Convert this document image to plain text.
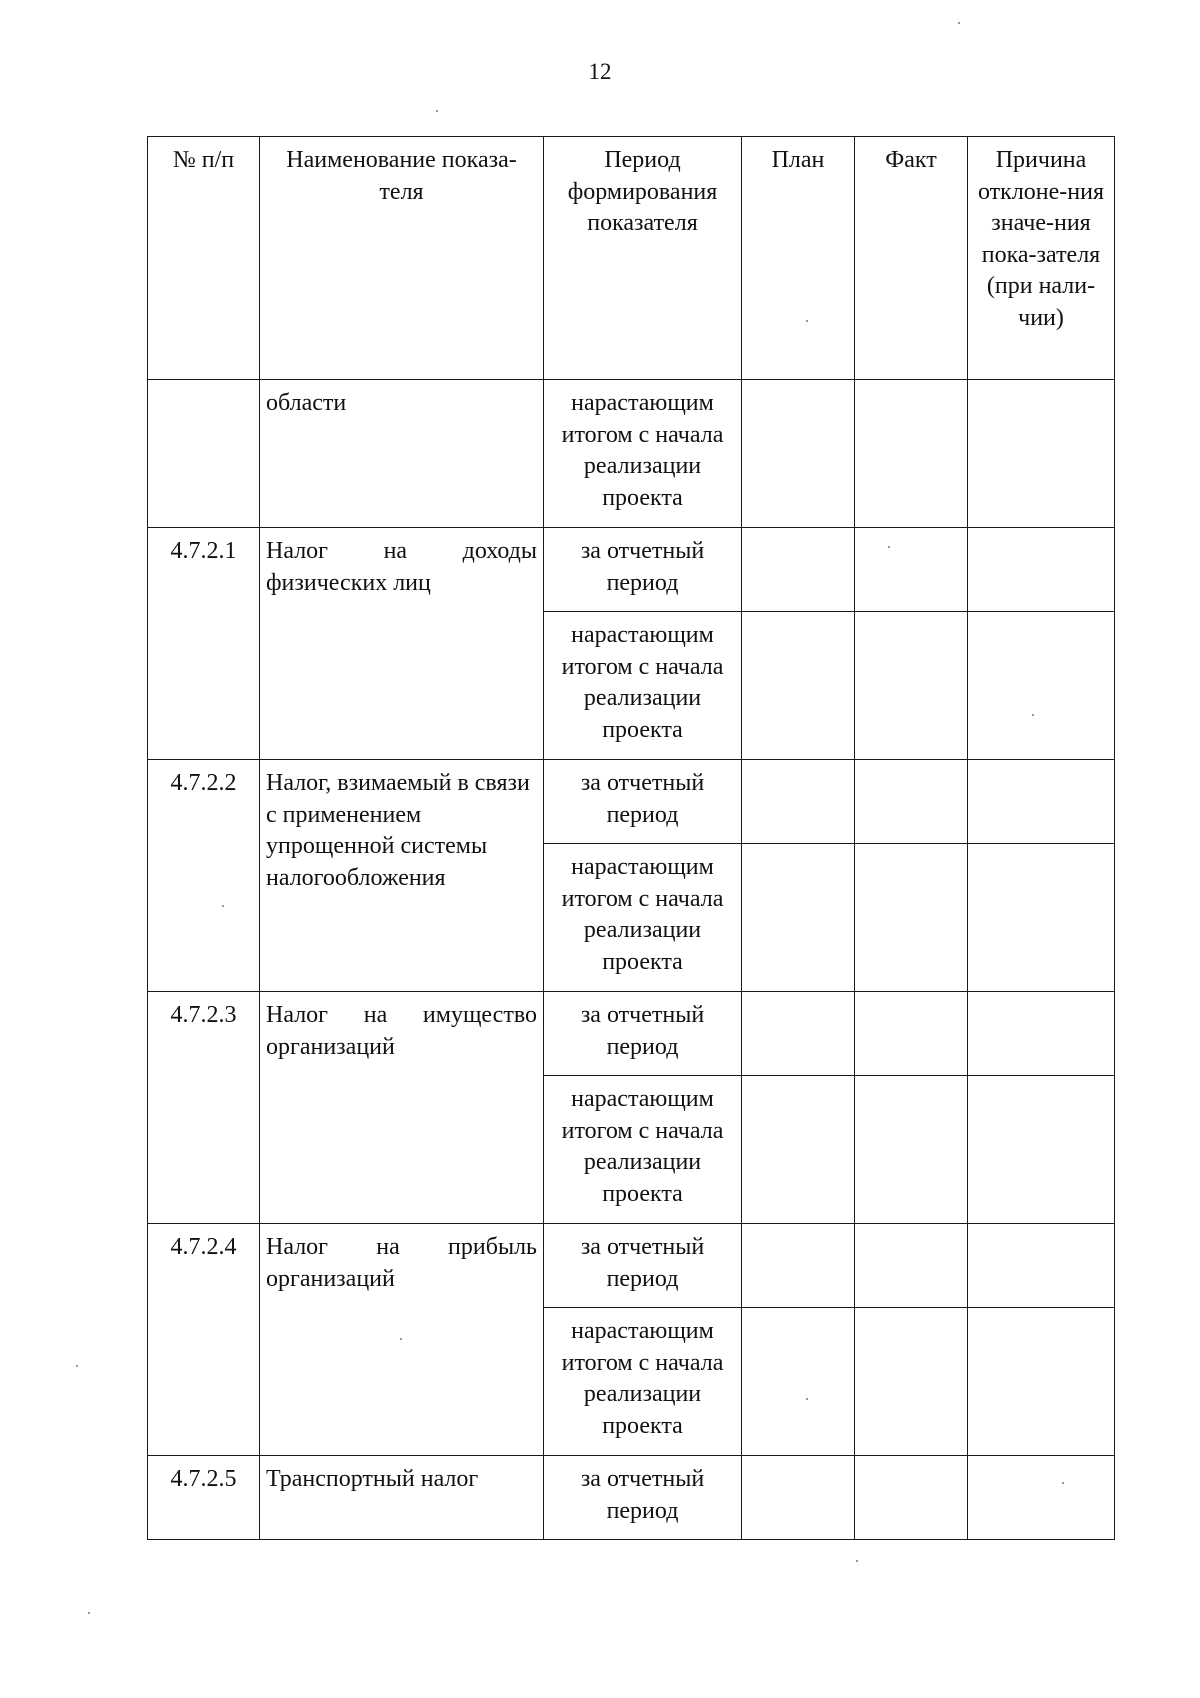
12
№ п/п	Наименование показа-теля	Период формирования показателя	План	Факт	Причина отклоне-ния значе-ния пока-зателя (при нали-чии)
	области	нарастающим итогом с начала реализации проекта			
4.7.2.1	Налог на доходы физических лиц	за отчетный период			
		нарастающим итогом с начала реализации проекта			
4.7.2.2	Налог, взимаемый в связи с применением упрощенной системы налогообложения	за отчетный период			
		нарастающим итогом с начала реализации проекта			
4.7.2.3	Налог на имущество организаций	за отчетный период			
		нарастающим итогом с начала реализации проекта			
4.7.2.4	Налог на прибыль организаций	за отчетный период			
		нарастающим итогом с начала реализации проекта			
4.7.2.5	Транспортный налог	за отчетный период			
